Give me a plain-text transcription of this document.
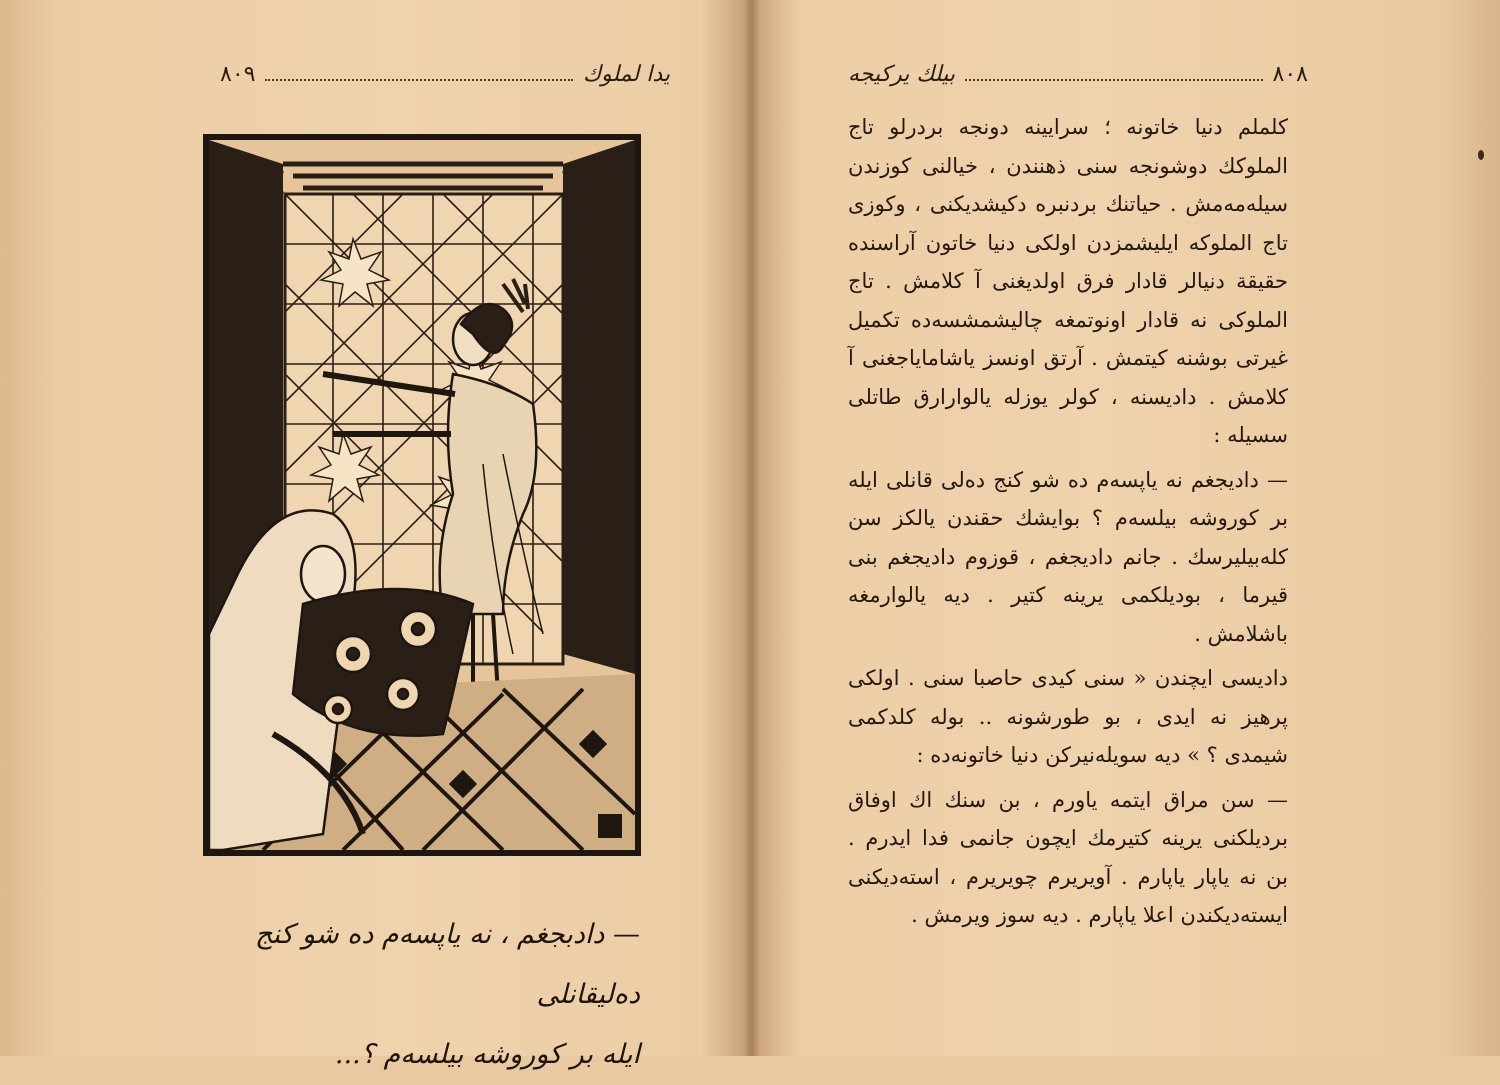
يدا لملوك
٨٠٩

— دادبجغم ، نه یاپسه‌م ده شو كنج ده‌ليقانلى

ایله بر کوروشه بیلسه‌م ؟...

٨٠٨
بیلك يركيجه

کلملم دنیا خاتونه ؛ سرایینه دونجه بردرلو تاج الملوكك دوشونجه سنى ذهنندن ، خيالنى كوزندن سیله‌مه‌مش . حياتنك بردنبره دکیشدیکنی ، وكوزى تاج الملوكه ایلیشمزدن اولكى دنيا خاتون آراسنده حقیقة دنیالر قادار فرق اولدیغنی آ كلامش . تاج الملوكى نه قادار اونوتمغه چالیشمشسه‌ده تکمیل غیرتی بوشنه کیتمش . آرتق اونسز یاشامایاجغنی آ كلامش . دادیسنه ، کولر یوزله یالوارارق طاتلى سسيله :

— دادیجغم نه یاپسه‌م ده شو كنج ده‌لی قانلی ایله بر کوروشه بیلسه‌م ؟ بوایشك حقندن يالكز سن كله‌بیلیرسك . جانم دادیجغم ، قوزوم دادیجغم بنی قیرما ، بودیلکمی یرینه کتیر . دیه یالوارمغه باشلامش .

دادیسی ایچندن « سنی کیدی حاصبا سنی . اولکی پرهیز نه ایدی ، بو طورشونه .. بوله کلدکمی شیمدی ؟ » دیه سویله‌نیرکن دنیا خاتونه‌ده :

— سن مراق ایتمه یاورم ، بن سنك اك اوفاق بردیلکنی یرینه کتیرمك ایچون جانمی فدا ایدرم . بن نه یاپار یاپارم . آویریرم چویریرم ، استه‌دیکنی ایسته‌دیکندن اعلا یاپارم . دیه سوز ویرمش .
